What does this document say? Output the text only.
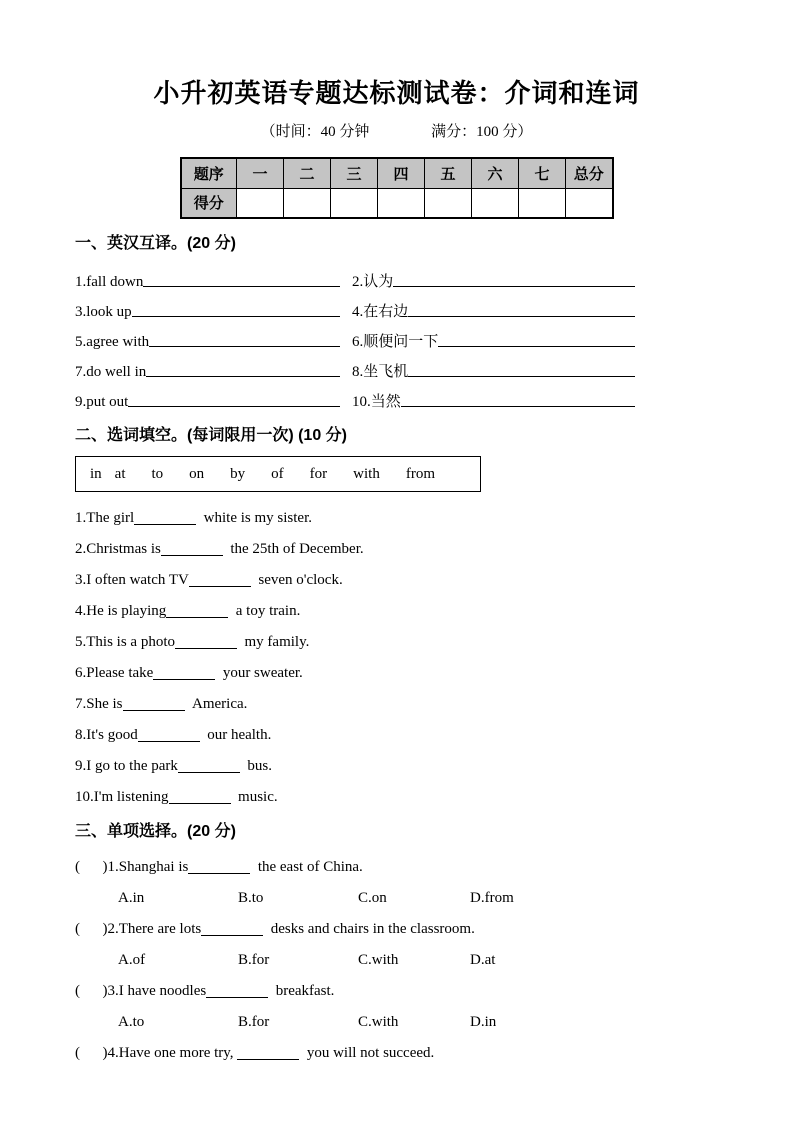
小升初英语专题达标测试卷：介词和连词
（时间：40 分钟	满分：100 分）
题序	一	二	三	四	五	六	七	总分
得分								
一、英汉互译。(20 分)
1.fall down	2.认为
3.look up	4.在右边
5.agree with	6.顺便问一下
7.do well in	8.坐飞机
9.put out	10.当然
二、选词填空。(每词限用一次) (10 分)
in at to on by of for with from
1.The girl	white is my sister.
2.Christmas is	the 25th of December.
3.I often watch TV	seven o'clock.
4.He is playing	a toy train.
5.This is a photo	my family.
6.Please take	your sweater.
7.She is	America.
8.It's good	our health.
9.I go to the park	bus.
10.I'm listening	music.
三、单项选择。(20 分)
(      )1.Shanghai is	the east of China.
A.in	B.to	C.on	D.from
(      )2.There are lots	desks and chairs in the classroom.
A.of	B.for	C.with	D.at
(      )3.I have noodles	breakfast.
A.to	B.for	C.with	D.in
(      )4.Have one more try,	you will not succeed.
